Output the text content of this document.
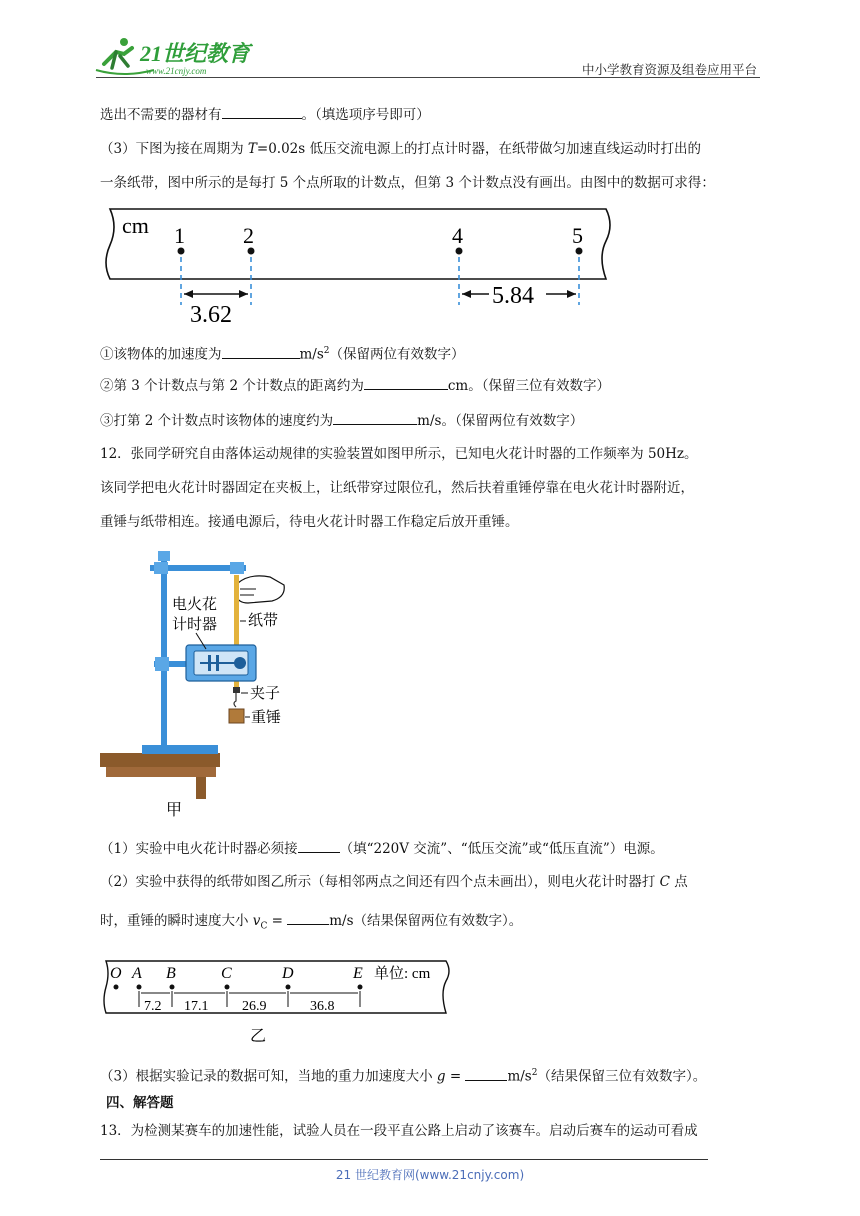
21世纪教育
www.21cnjy.com	中小学教育资源及组卷应用平台
选出不需要的器材有	。（填选项序号即可）
（3）下图为接在周期为 T=0.02s 低压交流电源上的打点计时器，在纸带做匀加速直线运动时打出的
一条纸带，图中所示的是每打 5 个点所取的计数点，但第 3 个计数点没有画出。由图中的数据可求得：
cm 1	2	4	5
3.62
5.84
①该物体的加速度为	$m/s^2$（保留两位有效数字）
②第 3 个计数点与第 2 个计数点的距离约为	cm。（保留三位有效数字）
③打第 2 个计数点时该物体的速度约为	m/s。（保留两位有效数字）
12．张同学研究自由落体运动规律的实验装置如图甲所示，已知电火花计时器的工作频率为 50Hz。
该同学把电火花计时器固定在夹板上，让纸带穿过限位孔，然后扶着重锤停靠在电火花计时器附近，
重锤与纸带相连。接通电源后，待电火花计时器工作稳定后放开重锤。
电火花
计时器 纸带
夹子
重锤
甲
（1）实验中电火花计时器必须接	（填“220V 交流”、“低压交流”或“低压直流”）电源。
（2）实验中获得的纸带如图乙所示（每相邻两点之间还有四个点未画出），则电火花计时器打 C 点
时，重锤的瞬时速度大小 $v_C$ =	m/s（结果保留两位有效数字）。
O A B	C	D	E 单位: cm
7.2 17.1 26.9	36.8
乙
（3）根据实验记录的数据可知，当地的重力加速度大小 g =	$m/s^2$（结果保留三位有效数字）。
四、解答题
13．为检测某赛车的加速性能，试验人员在一段平直公路上启动了该赛车。启动后赛车的运动可看成
21 世纪教育网(www.21cnjy.com)
